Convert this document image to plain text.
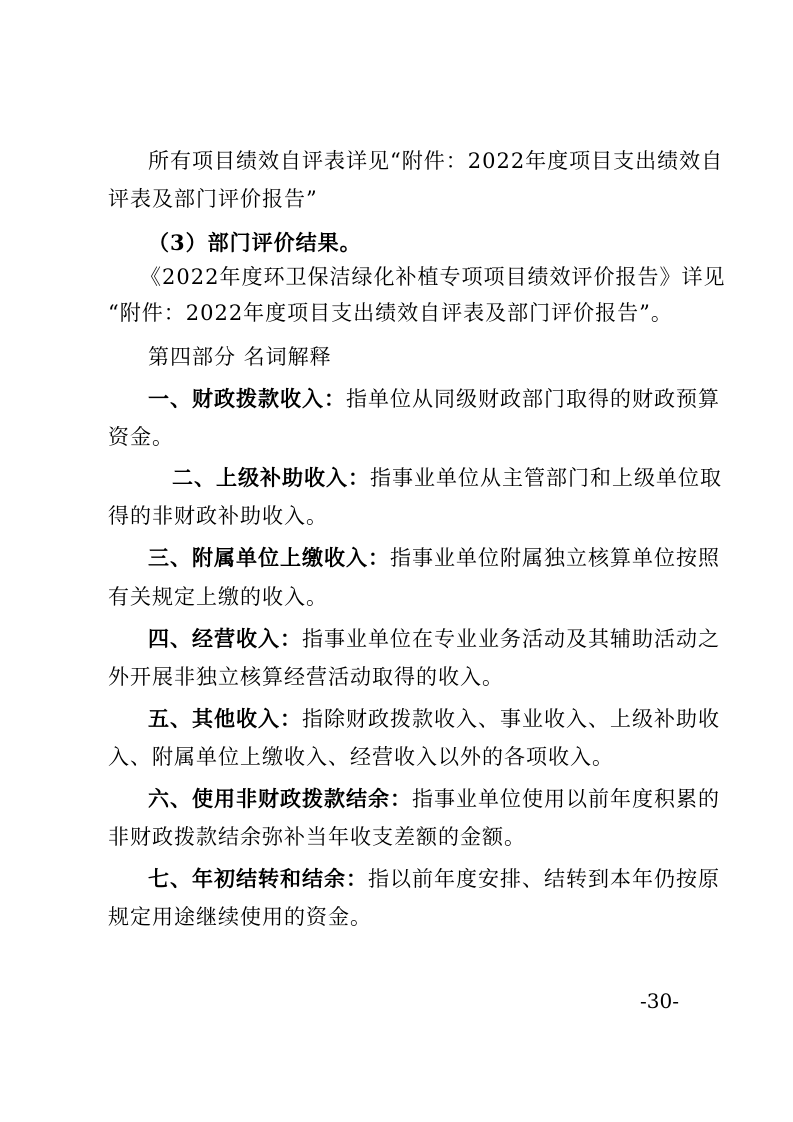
所有项目绩效自评表详见“附件：2022年度项目支出绩效自
评表及部门评价报告”
（3）部门评价结果。
《2022年度环卫保洁绿化补植专项项目绩效评价报告》详见
“附件：2022年度项目支出绩效自评表及部门评价报告”。
第四部分 名词解释
一、财政拨款收入：指单位从同级财政部门取得的财政预算
资金。
二、上级补助收入：指事业单位从主管部门和上级单位取
得的非财政补助收入。
三、附属单位上缴收入：指事业单位附属独立核算单位按照
有关规定上缴的收入。
四、经营收入：指事业单位在专业业务活动及其辅助活动之
外开展非独立核算经营活动取得的收入。
五、其他收入：指除财政拨款收入、事业收入、上级补助收
入、附属单位上缴收入、经营收入以外的各项收入。
六、使用非财政拨款结余：指事业单位使用以前年度积累的
非财政拨款结余弥补当年收支差额的金额。
七、年初结转和结余：指以前年度安排、结转到本年仍按原
规定用途继续使用的资金。
-30-
